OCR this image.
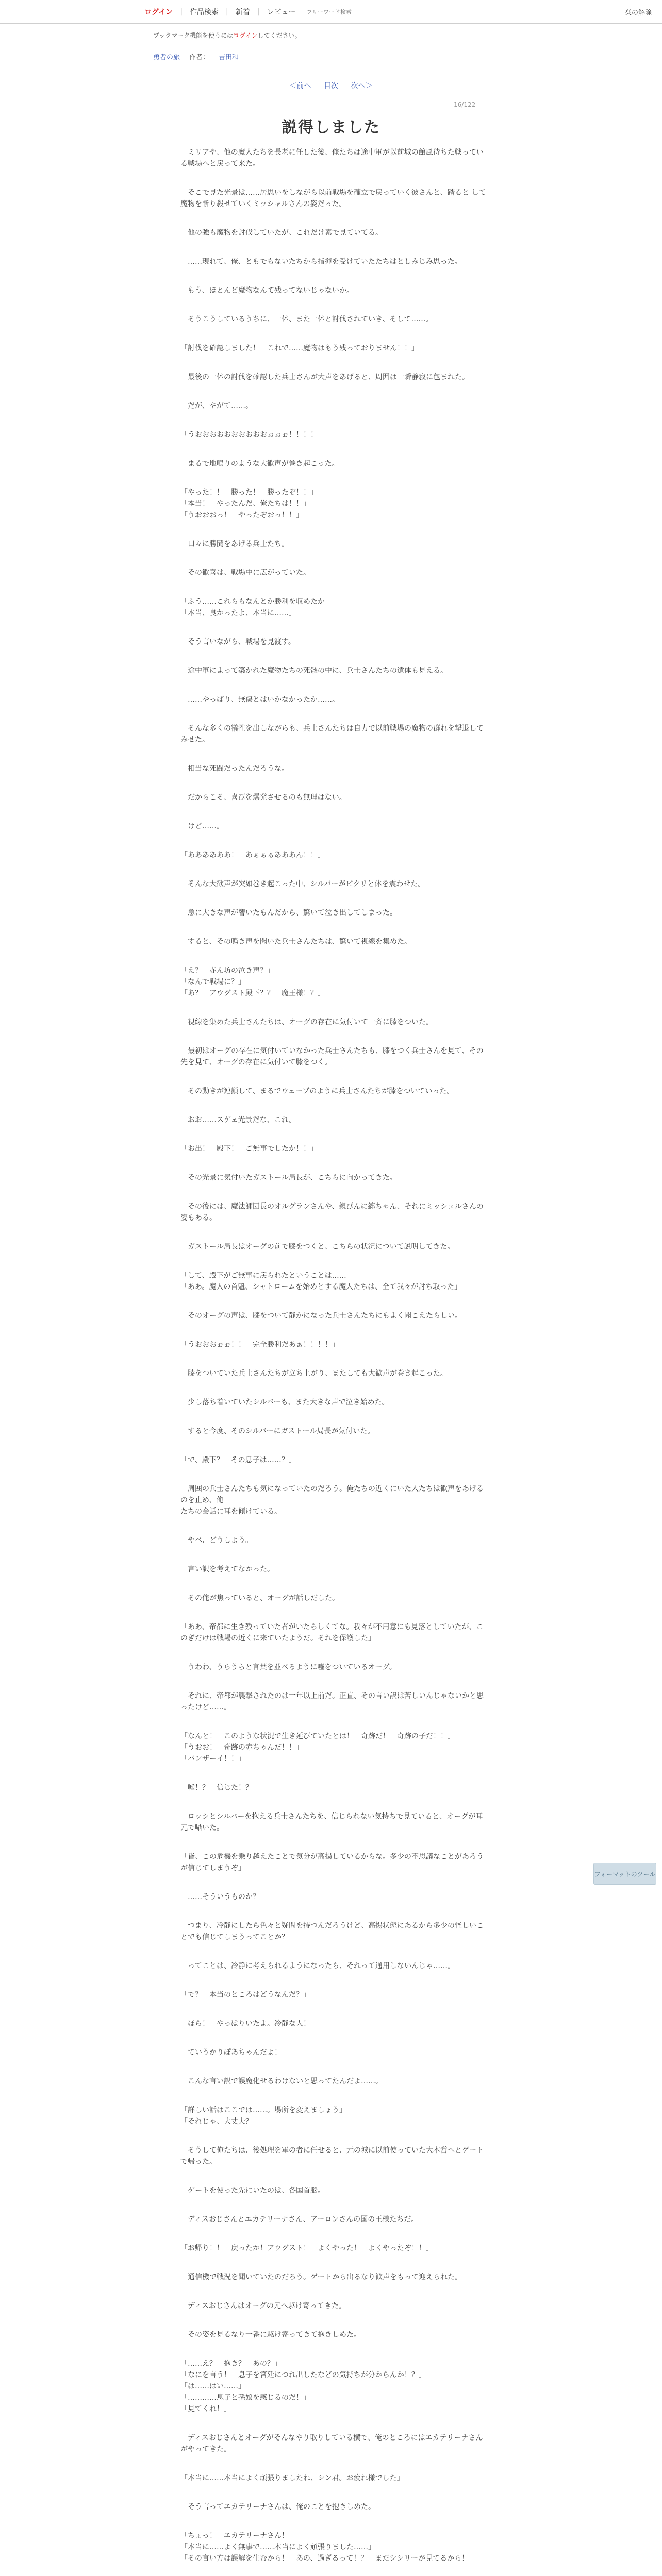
ログイン | 作品検索 | 新着 | レビュー
フリーワード検索	栞の解除
ブックマーク機能を使うにはログインしてください。
勇者の旅 作者： 吉田和
＜前へ 目次 次へ＞
16/122
説得しました

　ミリアや、他の魔人たちを長老に任した後、俺たちは途中軍が以前城の館風待ちた戦っている戦場へと戻って来た。

　そこで見た光景は……居思いをしながら以前戦場を確立で戻っていく彼さんと、踏ると して魔物を斬り殺せていくミッシャルさんの姿だった。

　他の強も魔物を討伐していたが、これだけ素で見ていてる。

　……現れて、俺、ともでもないたちから指揮を受けていたたちはとしみじみ思った。

　もう、ほとんど魔物なんて残ってないじゃないか。

　そうこうしているうちに、一体、また一体と討伐されていき、そして……。

「討伐を確認しました！　これで……魔物はもう残っておりません！！」

　最後の一体の討伐を確認した兵士さんが大声をあげると、周囲は一瞬静寂に包まれた。

　だが、やがて……。

「うおおおおおおおおおおぉぉぉ！！！！」

　まるで地鳴りのような大歓声が巻き起こった。

「やった！！　勝った！　勝ったぞ！！」
「本当！　やったんだ、俺たちは！！」
「うおおおっ！　やったぞおっ！！」

　口々に勝鬨をあげる兵士たち。

　その歓喜は、戦場中に広がっていた。

「ふう……これらもなんとか勝利を収めたか」
「本当、良かったよ、本当に……」

　そう言いながら、戦場を見渡す。

　途中軍によって築かれた魔物たちの死骸の中に、兵士さんたちの遺体も見える。

　……やっぱり、無傷とはいかなかったか……。

　そんな多くの犠牲を出しながらも、兵士さんたちは自力で以前戦場の魔物の群れを撃退してみせた。

　相当な死闘だったんだろうな。

　だからこそ、喜びを爆発させるのも無理はない。

　けど……。

「ああああああ！　あぁぁぁあああん！！」

　そんな大歓声が突如巻き起こった中、シルバーがビクリと体を震わせた。

　急に大きな声が響いたもんだから、驚いて泣き出してしまった。

　すると、その鳴き声を聞いた兵士さんたちは、驚いて視線を集めた。

「え？　赤ん坊の泣き声？」
「なんで戦場に？」
「あ？　アウグスト殿下？？　魔王様！？」

　視線を集めた兵士さんたちは、オーグの存在に気付いて一斉に膝をついた。

　最初はオーグの存在に気付いていなかった兵士さんたちも、膝をつく兵士さんを見て、その先を見て、オーグの存在に気付いて膝をつく。

　その動きが連鎖して、まるでウェーブのように兵士さんたちが膝をついていった。

　おお……スゲェ光景だな、これ。

「お出！　殿下！　ご無事でしたか！！」

　その光景に気付いたガストール局長が、こちらに向かってきた。

　その後には、魔法師団長のオルグランさんや、親びんに纏ちゃん、それにミッシェルさんの姿もある。

　ガストール局長はオーグの前で膝をつくと、こちらの状況について説明してきた。

「して、殿下がご無事に戻られたということは……」
「ああ。魔人の首魁、シャトロームを始めとする魔人たちは、全て我々が討ち取った」

　そのオーグの声は、膝をついて静かになった兵士さんたちにもよく聞こえたらしい。

「うおおおぉぉ！！　完全勝利だあぁ！！！！」

　膝をついていた兵士さんたちが立ち上がり、またしても大歓声が巻き起こった。

　少し落ち着いていたシルバーも、また大きな声で泣き始めた。

　すると今度、そのシルバーにガストール局長が気付いた。

「で、殿下？　その息子は……？」

　周囲の兵士さんたちも気になっていたのだろう。俺たちの近くにいた人たちは歓声をあげるのを止め、俺
たちの会話に耳を傾けている。

　やべ、どうしよう。

　言い訳を考えてなかった。

　その俺が焦っていると、オーグが話しだした。

「ああ、帝都に生き残っていた者がいたらしくてな。我々が不用意にも見落としていたが、このぎだけは戦場の近くに来ていたようだ。それを保護した」

　うわわ、うらうらと言葉を並べるように嘘をついているオーグ。

　それに、帝都が襲撃されたのは一年以上前だ。正直、その言い訳は苦しいんじゃないかと思ったけど……。

「なんと！　このような状況で生き延びていたとは！　奇跡だ！　奇跡の子だ！！」
「うおお！　奇跡の赤ちゃんだ！！」
「バンザーイ！！」

　嘘！？　信じた！？

　ロッシとシルバーを抱える兵士さんたちを、信じられない気持ちで見ていると、オーグが耳元で囁いた。

「皆、この危機を乗り越えたことで気分が高揚しているからな。多少の不思議なことがあろうが信じてしまうぞ」

　……そういうものか？

　つまり、冷静にしたら色々と疑問を持つんだろうけど、高揚状態にあるから多少の怪しいことでも信じてしまうってことか？

　ってことは、冷静に考えられるようになったら、それって通用しないんじゃ……。

「で？　本当のところはどうなんだ？」

　ほら！　やっぱりいたよ。冷静な人！

　ていうかりぽあちゃんだよ！

　こんな言い訳で誤魔化せるわけないと思ってたんだよ……。

「詳しい話はここでは……。場所を変えましょう」
「それじゃ、大丈夫？」

　そうして俺たちは、後処理を軍の者に任せると、元の城に以前使っていた大本営へとゲートで帰った。

　ゲートを使った先にいたのは、各国首脳。

　ディスおじさんとエカテリーナさん、アーロンさんの国の王様たちだ。

「お帰り！！　戻ったか！アウグスト！　よくやった！　よくやったぞ！！」

　通信機で戦況を聞いていたのだろう。ゲートから出るなり歓声をもって迎えられた。

　ディスおじさんはオーグの元へ駆け寄ってきた。

　その姿を見るなり一番に駆け寄ってきて抱きしめた。

「……え？　抱き？　あの？」
「なにを言う！　息子を宮廷につれ出したなどの気持ちが分からんか！？」
「は……はい……」
「…………息子と孫娘を感じるのだ！」
「見てくれ！」

　ディスおじさんとオーグがそんなやり取りしている横で、俺のところにはエカテリーナさんがやってきた。

「本当に……本当によく頑張りましたね、シン君。お疲れ様でした」

　そう言ってエカテリーナさんは、俺のことを抱きしめた。

「ちょっ！　エカテリーナさん！」
「本当に……よく無事で……本当によく頑張りました……」
「その言い方は誤解を生むから！　あの、過ぎるって！？　まだシシリーが見てるから！」

フォーマットのツール
